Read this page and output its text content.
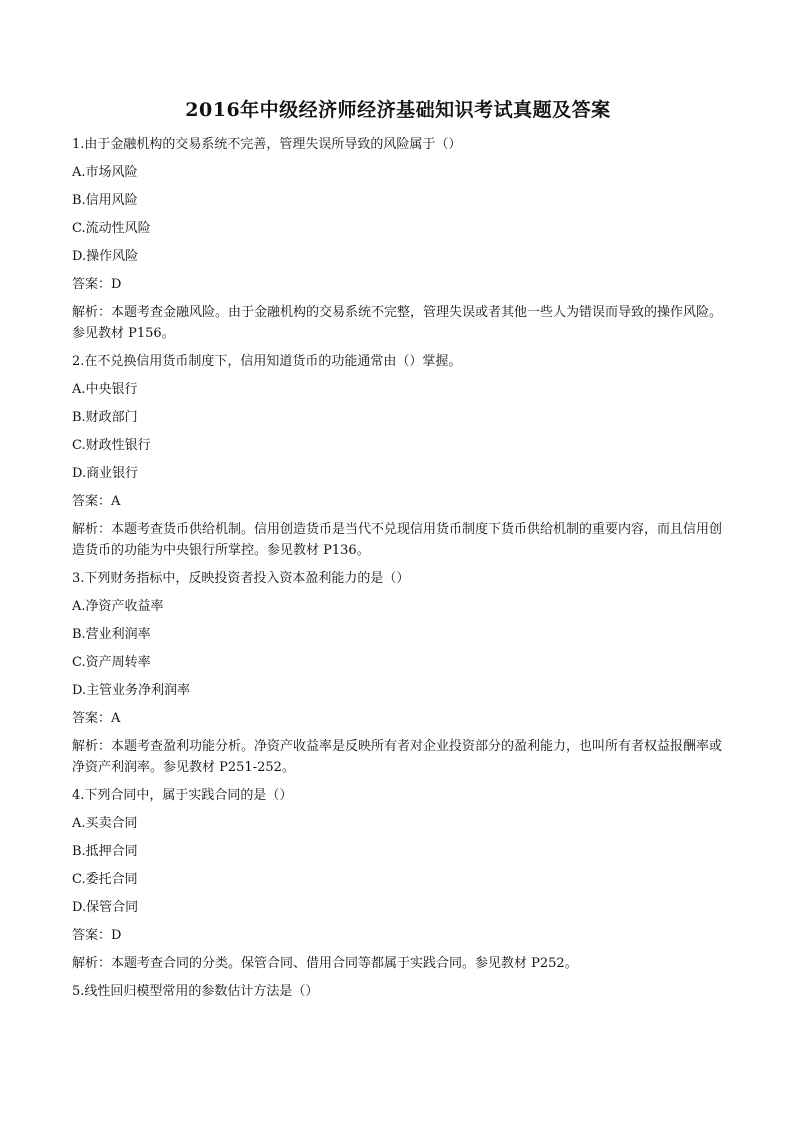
2016年中级经济师经济基础知识考试真题及答案

1.由于金融机构的交易系统不完善，管理失误所导致的风险属于（）

A.市场风险

B.信用风险

C.流动性风险

D.操作风险

答案：D

解析：本题考查金融风险。由于金融机构的交易系统不完整，管理失误或者其他一些人为错误而导致的操作风险。参见教材 P156。

2.在不兑换信用货币制度下，信用知道货币的功能通常由（）掌握。

A.中央银行

B.财政部门

C.财政性银行

D.商业银行

答案：A

解析：本题考查货币供给机制。信用创造货币是当代不兑现信用货币制度下货币供给机制的重要内容，而且信用创造货币的功能为中央银行所掌控。参见教材 P136。

3.下列财务指标中，反映投资者投入资本盈利能力的是（）

A.净资产收益率

B.营业利润率

C.资产周转率

D.主管业务净利润率

答案：A

解析：本题考查盈利功能分析。净资产收益率是反映所有者对企业投资部分的盈利能力，也叫所有者权益报酬率或净资产利润率。参见教材 P251-252。

4.下列合同中，属于实践合同的是（）

A.买卖合同

B.抵押合同

C.委托合同

D.保管合同

答案：D

解析：本题考查合同的分类。保管合同、借用合同等都属于实践合同。参见教材 P252。

5.线性回归模型常用的参数估计方法是（）
